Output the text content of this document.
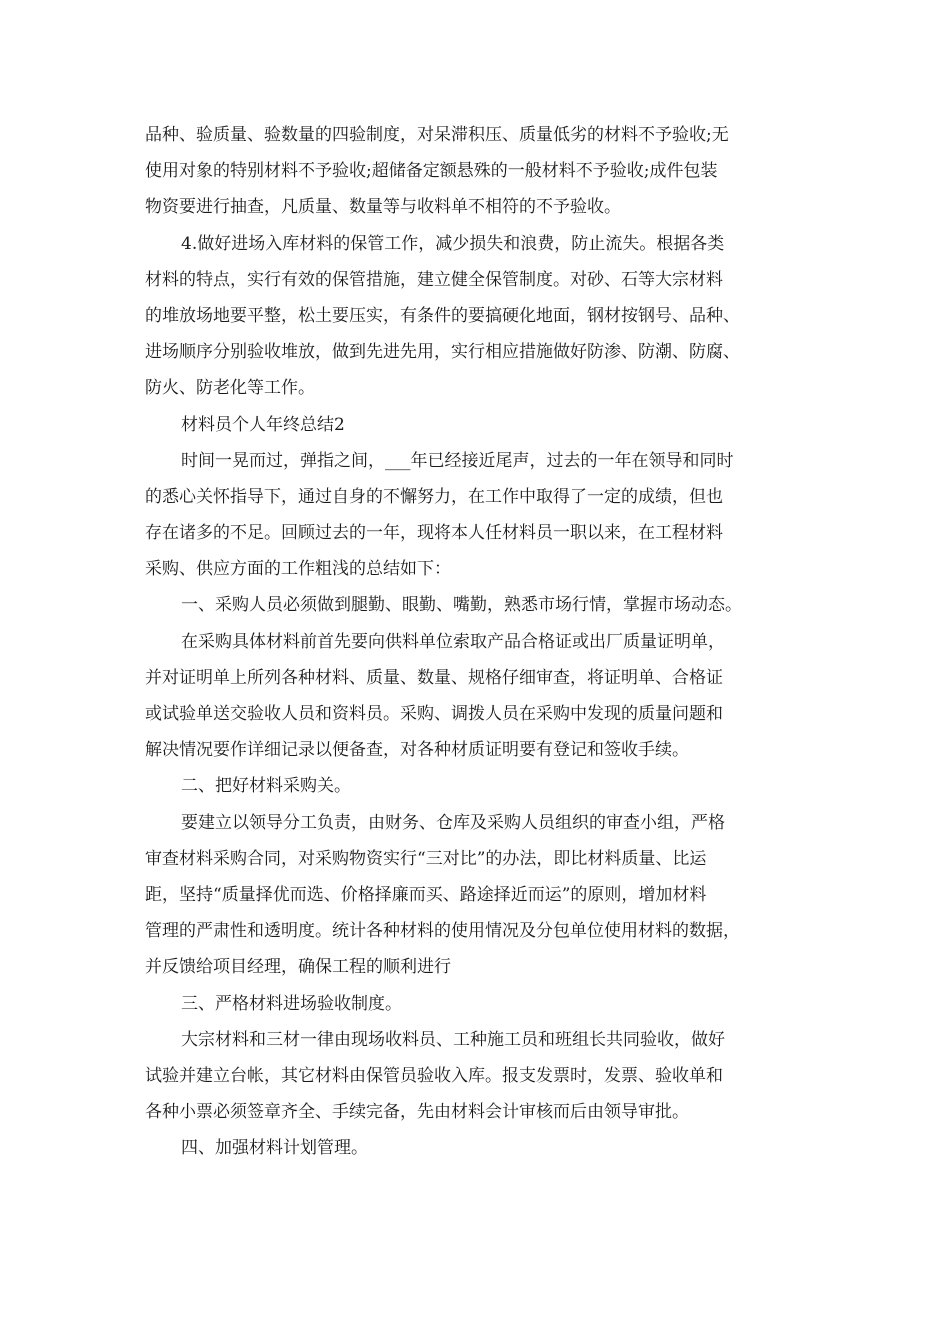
品种、验质量、验数量的四验制度，对呆滞积压、质量低劣的材料不予验收;无
使用对象的特别材料不予验收;超储备定额悬殊的一般材料不予验收;成件包装
物资要进行抽查，凡质量、数量等与收料单不相符的不予验收。
4.做好进场入库材料的保管工作，减少损失和浪费，防止流失。根据各类
材料的特点，实行有效的保管措施，建立健全保管制度。对砂、石等大宗材料
的堆放场地要平整，松土要压实，有条件的要搞硬化地面，钢材按钢号、品种、
进场顺序分别验收堆放，做到先进先用，实行相应措施做好防渗、防潮、防腐、
防火、防老化等工作。
材料员个人年终总结2
时间一晃而过，弹指之间，___年已经接近尾声，过去的一年在领导和同时
的悉心关怀指导下，通过自身的不懈努力，在工作中取得了一定的成绩，但也
存在诸多的不足。回顾过去的一年，现将本人任材料员一职以来，在工程材料
采购、供应方面的工作粗浅的总结如下：
一、采购人员必须做到腿勤、眼勤、嘴勤，熟悉市场行情，掌握市场动态。
在采购具体材料前首先要向供料单位索取产品合格证或出厂质量证明单，
并对证明单上所列各种材料、质量、数量、规格仔细审查，将证明单、合格证
或试验单送交验收人员和资料员。采购、调拨人员在采购中发现的质量问题和
解决情况要作详细记录以便备查，对各种材质证明要有登记和签收手续。
二、把好材料采购关。
要建立以领导分工负责，由财务、仓库及采购人员组织的审查小组，严格
审查材料采购合同，对采购物资实行“三对比”的办法，即比材料质量、比运
距，坚持“质量择优而选、价格择廉而买、路途择近而运”的原则，增加材料
管理的严肃性和透明度。统计各种材料的使用情况及分包单位使用材料的数据，
并反馈给项目经理，确保工程的顺利进行
三、严格材料进场验收制度。
大宗材料和三材一律由现场收料员、工种施工员和班组长共同验收，做好
试验并建立台帐，其它材料由保管员验收入库。报支发票时，发票、验收单和
各种小票必须签章齐全、手续完备，先由材料会计审核而后由领导审批。
四、加强材料计划管理。
